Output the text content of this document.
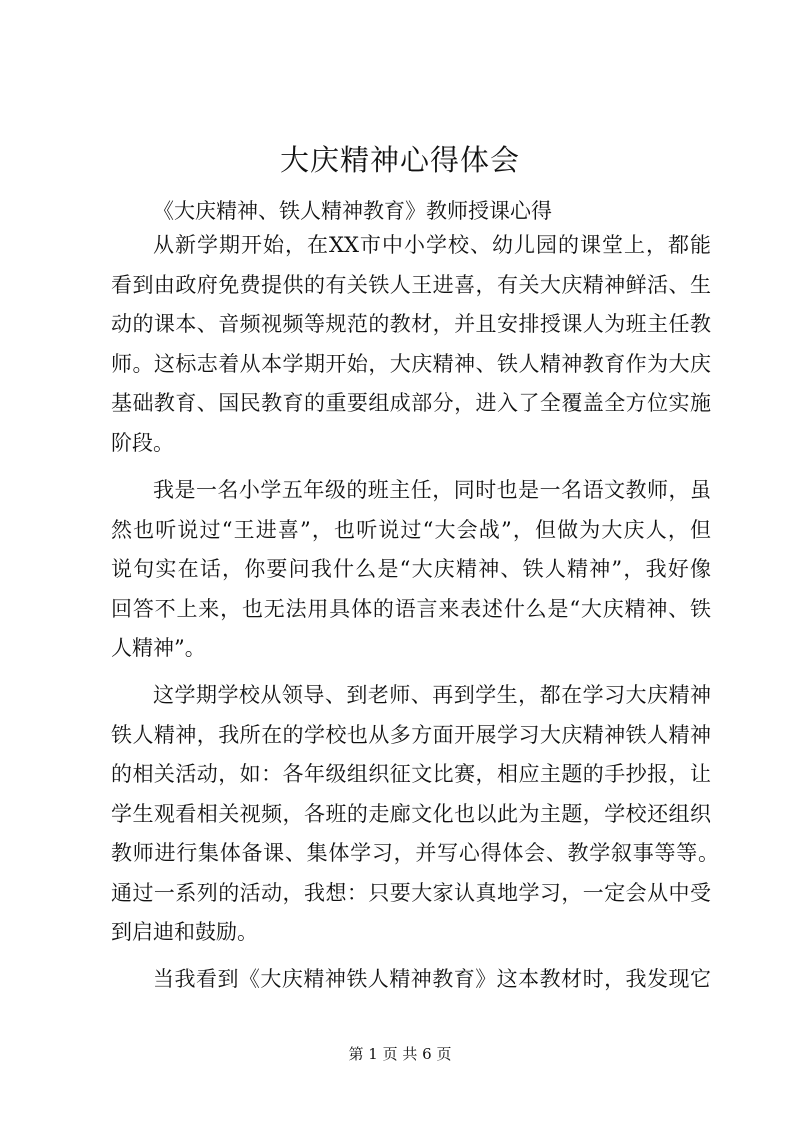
大庆精神心得体会
《大庆精神、铁人精神教育》教师授课心得
从新学期开始，在XX市中小学校、幼儿园的课堂上，都能
看到由政府免费提供的有关铁人王进喜，有关大庆精神鲜活、生
动的课本、音频视频等规范的教材，并且安排授课人为班主任教
师。这标志着从本学期开始，大庆精神、铁人精神教育作为大庆
基础教育、国民教育的重要组成部分，进入了全覆盖全方位实施
阶段。
我是一名小学五年级的班主任，同时也是一名语文教师，虽
然也听说过“王进喜”，也听说过“大会战”，但做为大庆人，但
说句实在话，你要问我什么是“大庆精神、铁人精神”，我好像
回答不上来，也无法用具体的语言来表述什么是“大庆精神、铁
人精神”。
这学期学校从领导、到老师、再到学生，都在学习大庆精神
铁人精神，我所在的学校也从多方面开展学习大庆精神铁人精神
的相关活动，如：各年级组织征文比赛，相应主题的手抄报，让
学生观看相关视频，各班的走廊文化也以此为主题，学校还组织
教师进行集体备课、集体学习，并写心得体会、教学叙事等等。
通过一系列的活动，我想：只要大家认真地学习，一定会从中受
到启迪和鼓励。
当我看到《大庆精神铁人精神教育》这本教材时，我发现它
第 1 页 共 6 页
